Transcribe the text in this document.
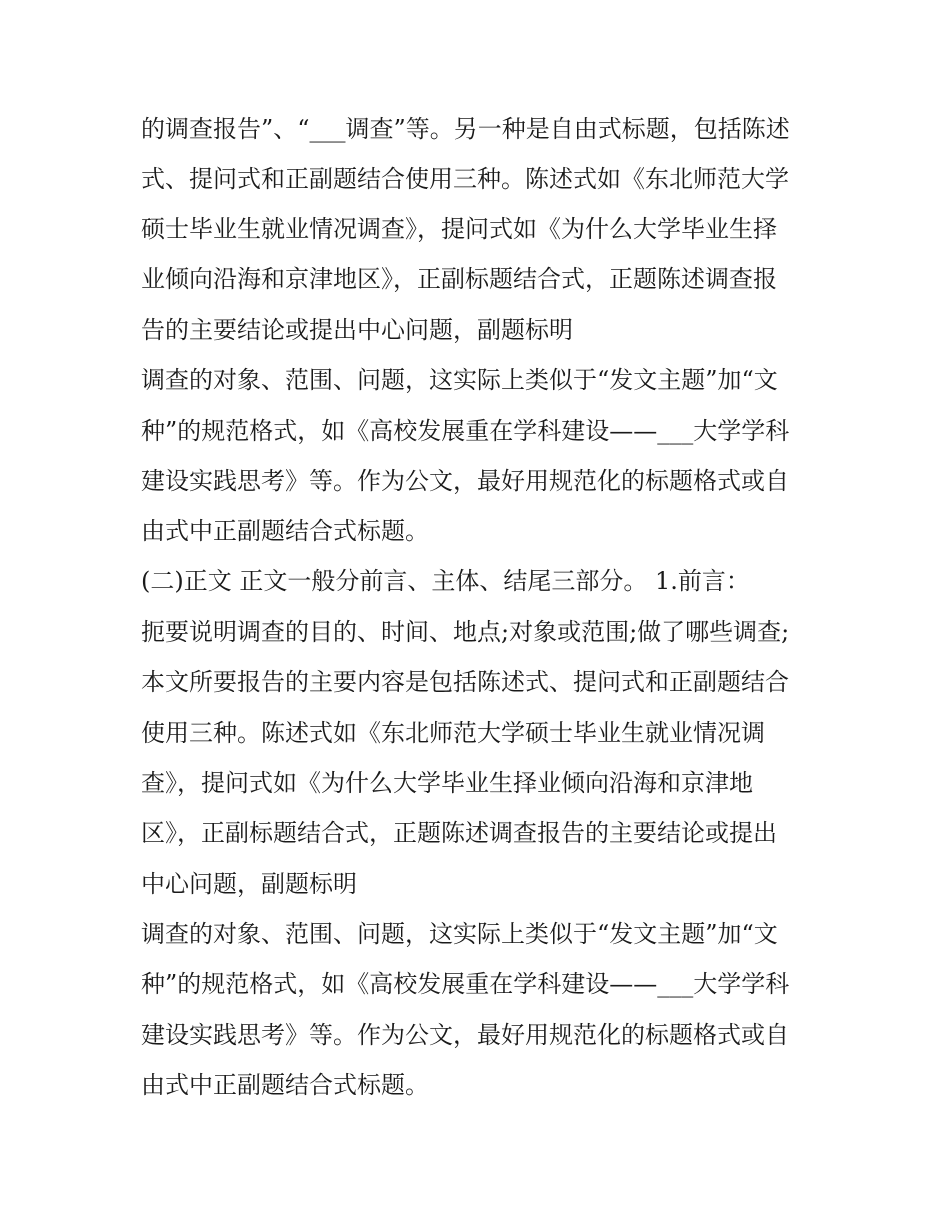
的调查报告”、“___调查”等。另一种是自由式标题，包括陈述
式、提问式和正副题结合使用三种。陈述式如《东北师范大学
硕士毕业生就业情况调查》，提问式如《为什么大学毕业生择
业倾向沿海和京津地区》，正副标题结合式，正题陈述调查报
告的主要结论或提出中心问题，副题标明
调查的对象、范围、问题，这实际上类似于“发文主题”加“文
种”的规范格式，如《高校发展重在学科建设——___大学学科
建设实践思考》等。作为公文，最好用规范化的标题格式或自
由式中正副题结合式标题。
(二)正文 正文一般分前言、主体、结尾三部分。 1.前言：
扼要说明调查的目的、时间、地点;对象或范围;做了哪些调查;
本文所要报告的主要内容是包括陈述式、提问式和正副题结合
使用三种。陈述式如《东北师范大学硕士毕业生就业情况调
查》，提问式如《为什么大学毕业生择业倾向沿海和京津地
区》，正副标题结合式，正题陈述调查报告的主要结论或提出
中心问题，副题标明
调查的对象、范围、问题，这实际上类似于“发文主题”加“文
种”的规范格式，如《高校发展重在学科建设——___大学学科
建设实践思考》等。作为公文，最好用规范化的标题格式或自
由式中正副题结合式标题。
